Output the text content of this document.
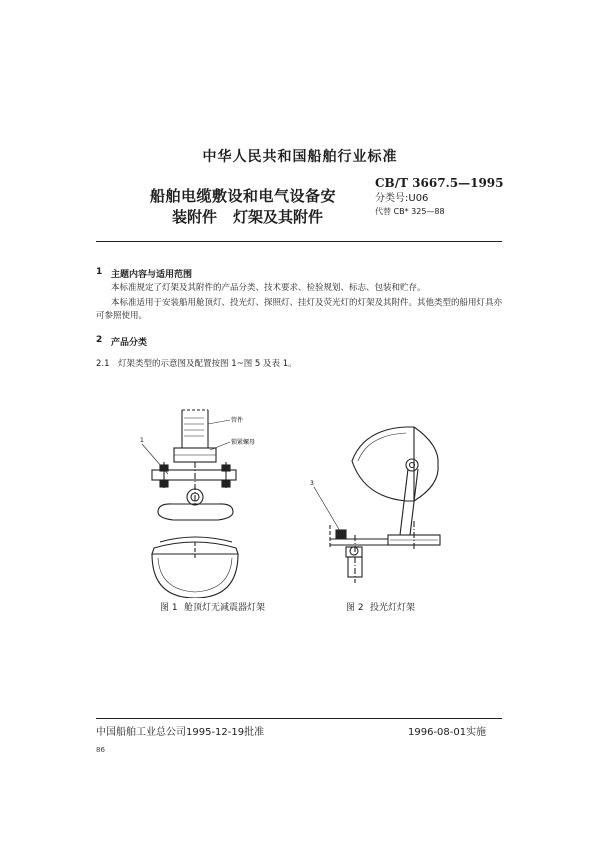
中华人民共和国船舶行业标准
船舶电缆敷设和电气设备安
装附件 灯架及其附件
CB/T 3667.5—1995
分类号:U06
代替 CB* 325—88
1 主题内容与适用范围
本标准规定了灯架及其附件的产品分类、技术要求、检验规划、标志、包装和贮存。
本标准适用于安装船用舱顶灯、投光灯、探照灯、挂灯及荧光灯的灯架及其附件。其他类型的船用灯具亦可参照使用。
2 产品分类
2.1 灯架类型的示意图及配置按图 1~图 5 及表 1。
1
管件
锁紧螺母
3
图 1 舱顶灯无减震器灯架	图 2 投光灯灯架
中国船舶工业总公司1995-12-19批准	1996-08-01实施
86
